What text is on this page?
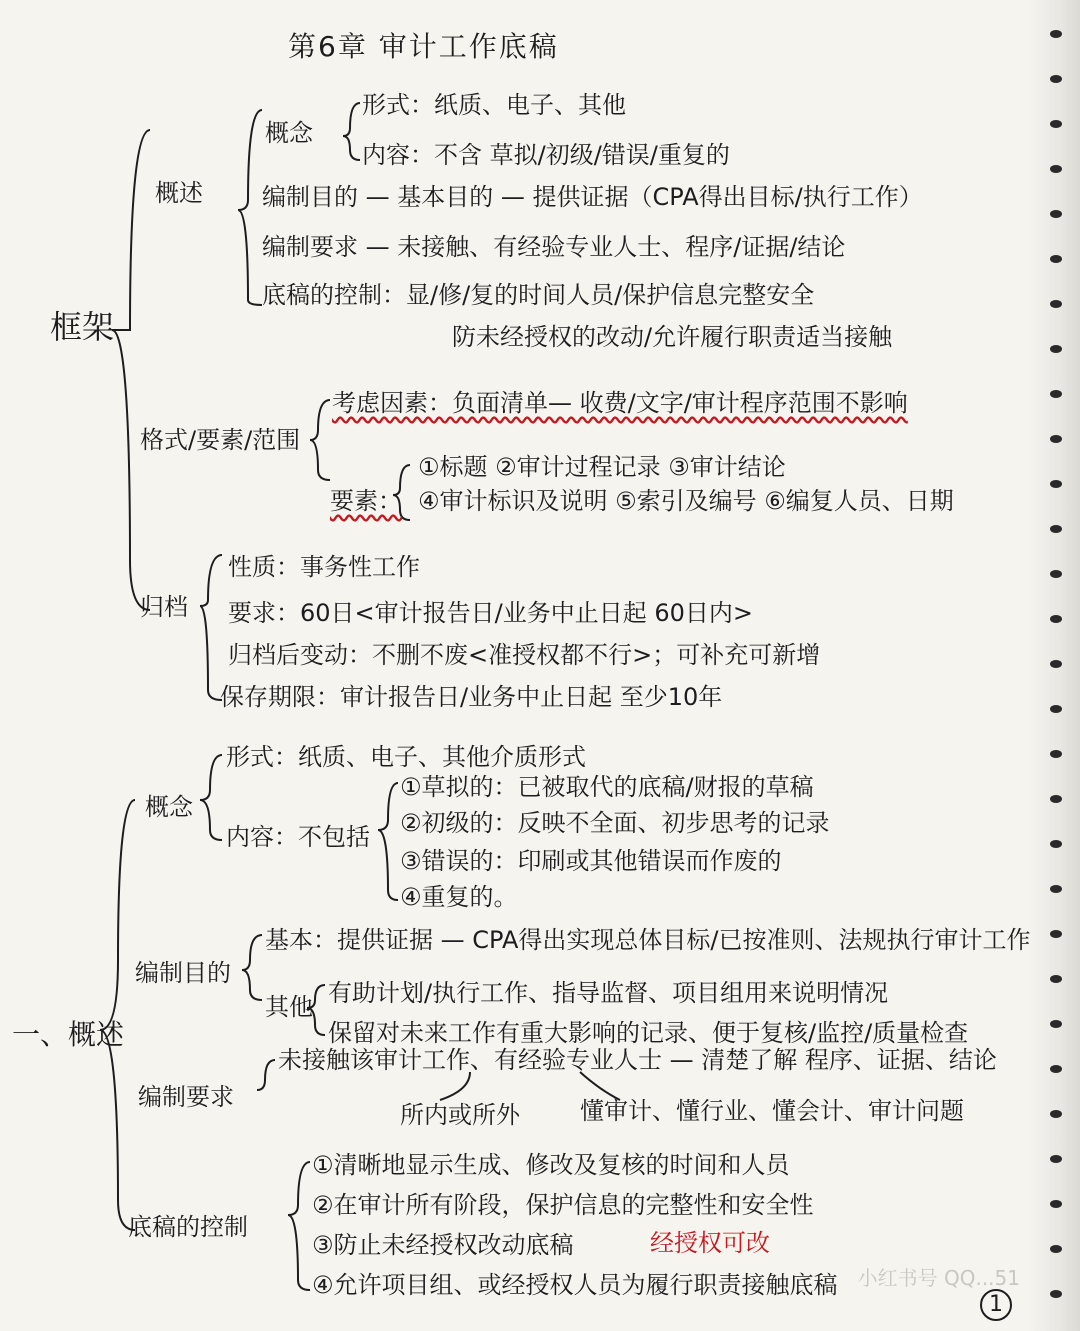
第6章 审计工作底稿
框架
概述
概念
形式：纸质、电子、其他
内容：不含 草拟/初级/错误/重复的
编制目的 — 基本目的 — 提供证据（CPA得出目标/执行工作）
编制要求 — 未接触、有经验专业人士、程序/证据/结论
底稿的控制：显/修/复的时间人员/保护信息完整安全
防未经授权的改动/允许履行职责适当接触
格式/要素/范围
考虑因素：负面清单— 收费/文字/审计程序范围不影响
要素：
①标题 ②审计过程记录 ③审计结论
④审计标识及说明 ⑤索引及编号 ⑥编复人员、日期
归档
性质：事务性工作
要求：60日<审计报告日/业务中止日起 60日内>
归档后变动：不删不废<准授权都不行>；可补充可新增
保存期限：审计报告日/业务中止日起 至少10年
一、概述
概念
形式：纸质、电子、其他介质形式
内容：不包括
①草拟的：已被取代的底稿/财报的草稿
②初级的：反映不全面、初步思考的记录
③错误的：印刷或其他错误而作废的
④重复的。
编制目的
基本：提供证据 — CPA得出实现总体目标/已按准则、法规执行审计工作
其他 有助计划/执行工作、指导监督、项目组用来说明情况
保留对未来工作有重大影响的记录、便于复核/监控/质量检查
编制要求
未接触该审计工作、有经验专业人士 — 清楚了解 程序、证据、结论
所内或所外	懂审计、懂行业、懂会计、审计问题
底稿的控制
①清晰地显示生成、修改及复核的时间和人员
②在审计所有阶段，保护信息的完整性和安全性
③防止未经授权改动底稿	经授权可改
④允许项目组、或经授权人员为履行职责接触底稿 小红书号 QQ...51
1
